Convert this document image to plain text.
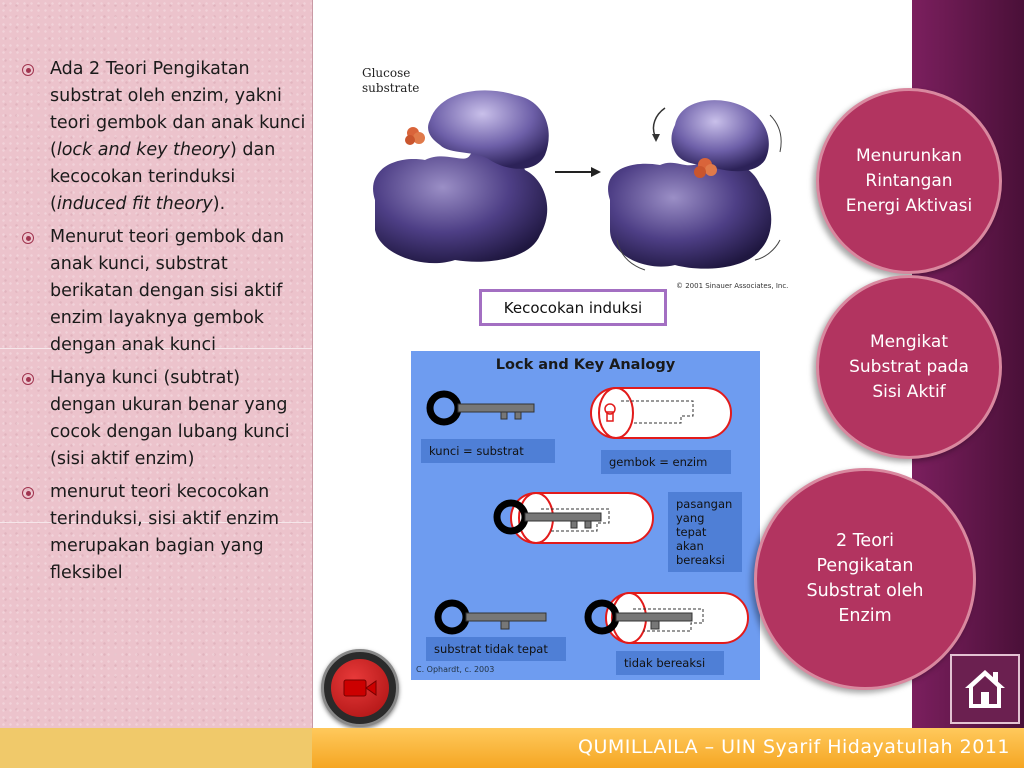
Ada 2 Teori Pengikatan substrat oleh enzim, yakni teori gembok dan anak kunci (lock and key theory) dan kecocokan terinduksi (induced fit theory).
Menurut teori gembok dan anak kunci, substrat berikatan dengan sisi aktif enzim layaknya gembok dengan anak kunci
Hanya kunci (subtrat) dengan ukuran benar yang cocok dengan lubang kunci (sisi aktif enzim)
menurut teori kecocokan terinduksi, sisi aktif enzim merupakan bagian yang fleksibel
Glucose
substrate
© 2001 Sinauer Associates, Inc.
Kecocokan induksi
Lock and Key Analogy
kunci = substrat
gembok = enzim
pasangan yang tepat akan bereaksi
substrat tidak tepat
tidak bereaksi
C. Ophardt, c. 2003
Menurunkan Rintangan Energi Aktivasi
Mengikat Substrat pada Sisi Aktif
2 Teori Pengikatan Substrat oleh Enzim
QUMILLAILA – UIN Syarif Hidayatullah 2011
